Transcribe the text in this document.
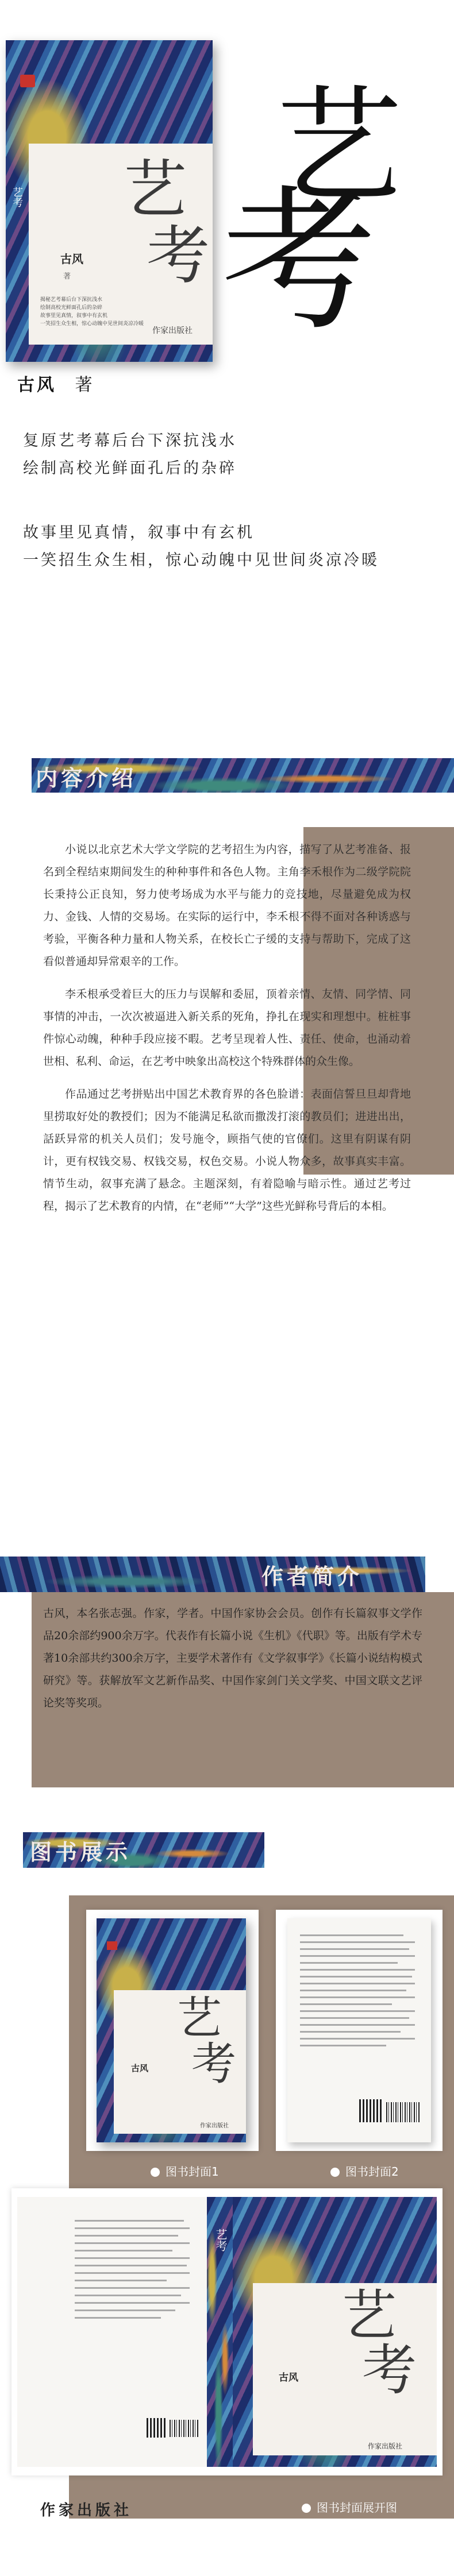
艺考 艺
考
古风
著
揭秘艺考幕后台下深抗浅水
绘制高校光鲜面孔后的杂碎
故事里见真情，叙事中有玄机
一笑招生众生相，惊心动魄中见世间炎凉冷暖
作家出版社
艺
考
古风 著
复原艺考幕后台下深抗浅水
绘制高校光鲜面孔后的杂碎
故事里见真情，叙事中有玄机
一笑招生众生相，惊心动魄中见世间炎凉冷暖
内容介绍

小说以北京艺术大学文学院的艺考招生为内容，描写了从艺考准备、报名到全程结束期间发生的种种事件和各色人物。主角李禾根作为二级学院院长秉持公正良知，努力使考场成为水平与能力的竞技地，尽量避免成为权力、金钱、人情的交易场。在实际的运行中，李禾根不得不面对各种诱惑与考验，平衡各种力量和人物关系，在校长亡子缓的支持与帮助下，完成了这看似普通却异常艰辛的工作。

李禾根承受着巨大的压力与误解和委屈，顶着亲情、友情、同学情、同事情的冲击，一次次被逼进入新关系的死角，挣扎在现实和理想中。桩桩事件惊心动魄，种种手段应接不暇。艺考呈现着人性、责任、使命，也涌动着世相、私利、命运，在艺考中映象出高校这个特殊群体的众生像。

作品通过艺考拼贴出中国艺术教育界的各色脸谱：表面信誓旦旦却背地里捞取好处的教授们；因为不能满足私欲而撒泼打滚的教员们；进进出出，話跃异常的机关人员们；发号施令，顾指气使的官僚们。这里有阴谋有阴计，更有权钱交易、权钱交易，权色交易。小说人物众多，故事真实丰富。情节生动，叙事充满了悬念。主题深刻，有着隐喻与暗示性。通过艺考过程，揭示了艺术教育的内情，在“老师”“大学”这些光鲜称号背后的本相。

作者简介

古风，本名张志强。作家，学者。中国作家协会会员。创作有长篇叙事文学作品20余部约900余万字。代表作有长篇小说《生机》《代职》等。出版有学术专著10余部共约300余万字，主要学术著作有《文学叙事学》《长篇小说结构模式研究》等。获解放军文艺新作品奖、中国作家剑门关文学奖、中国文联文艺评论奖等奖项。

图书展示
艺
考
古风
作家出版社
图书封面1	图书封面2
艺考
艺
考
古风
作家出版社
作家出版社	图书封面展开图
